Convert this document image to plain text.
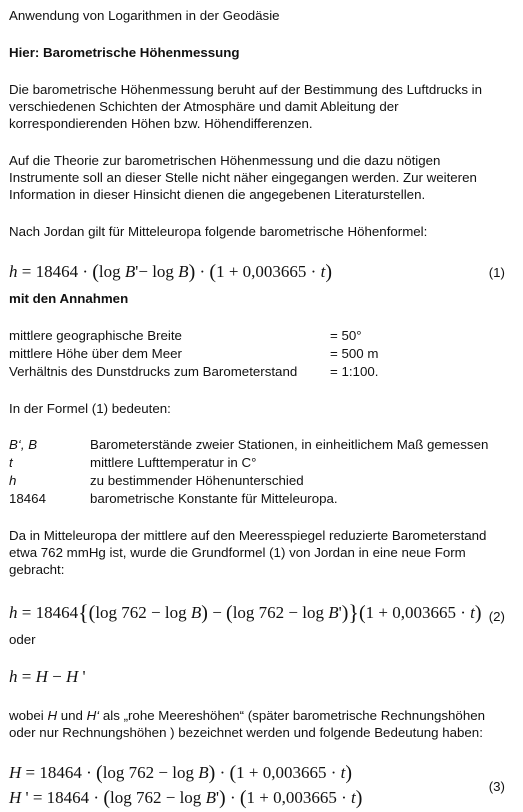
Anwendung von Logarithmen in der Geodäsie
Hier: Barometrische Höhenmessung
Die barometrische Höhenmessung beruht auf der Bestimmung des Luftdrucks in
verschiedenen Schichten der Atmosphäre und damit Ableitung der
korrespondierenden Höhen bzw. Höhendifferenzen.
Auf die Theorie zur barometrischen Höhenmessung und die dazu nötigen
Instrumente soll an dieser Stelle nicht näher eingegangen werden. Zur weiteren
Information in dieser Hinsicht dienen die angegebenen Literaturstellen.
Nach Jordan gilt für Mitteleuropa folgende barometrische Höhenformel:
h = 18464 · (log B'− log B) · (1 + 0,003665 · t)	(1)
mit den Annahmen
mittlere geographische Breite	= 50°
mittlere Höhe über dem Meer	= 500 m
Verhältnis des Dunstdrucks zum Barometerstand = 1:100.
In der Formel (1) bedeuten:
B‘, B	Barometerstände zweier Stationen, in einheitlichem Maß gemessen
t	mittlere Lufttemperatur in C°
h	zu bestimmender Höhenunterschied
18464	barometrische Konstante für Mitteleuropa.
Da in Mitteleuropa der mittlere auf den Meeresspiegel reduzierte Barometerstand
etwa 762 mmHg ist, wurde die Grundformel (1) von Jordan in eine neue Form
gebracht:
h = 18464{(log 762 − log B) − (log 762 − log B')}(1 + 0,003665 · t) (2)
oder
h = H − H '
wobei H und H‘ als „rohe Meereshöhen“ (später barometrische Rechnungshöhen
oder nur Rechnungshöhen ) bezeichnet werden und folgende Bedeutung haben:
H = 18464 · (log 762 − log B) · (1 + 0,003665 · t)
H ' = 18464 · (log 762 − log B') · (1 + 0,003665 · t)
(3)
